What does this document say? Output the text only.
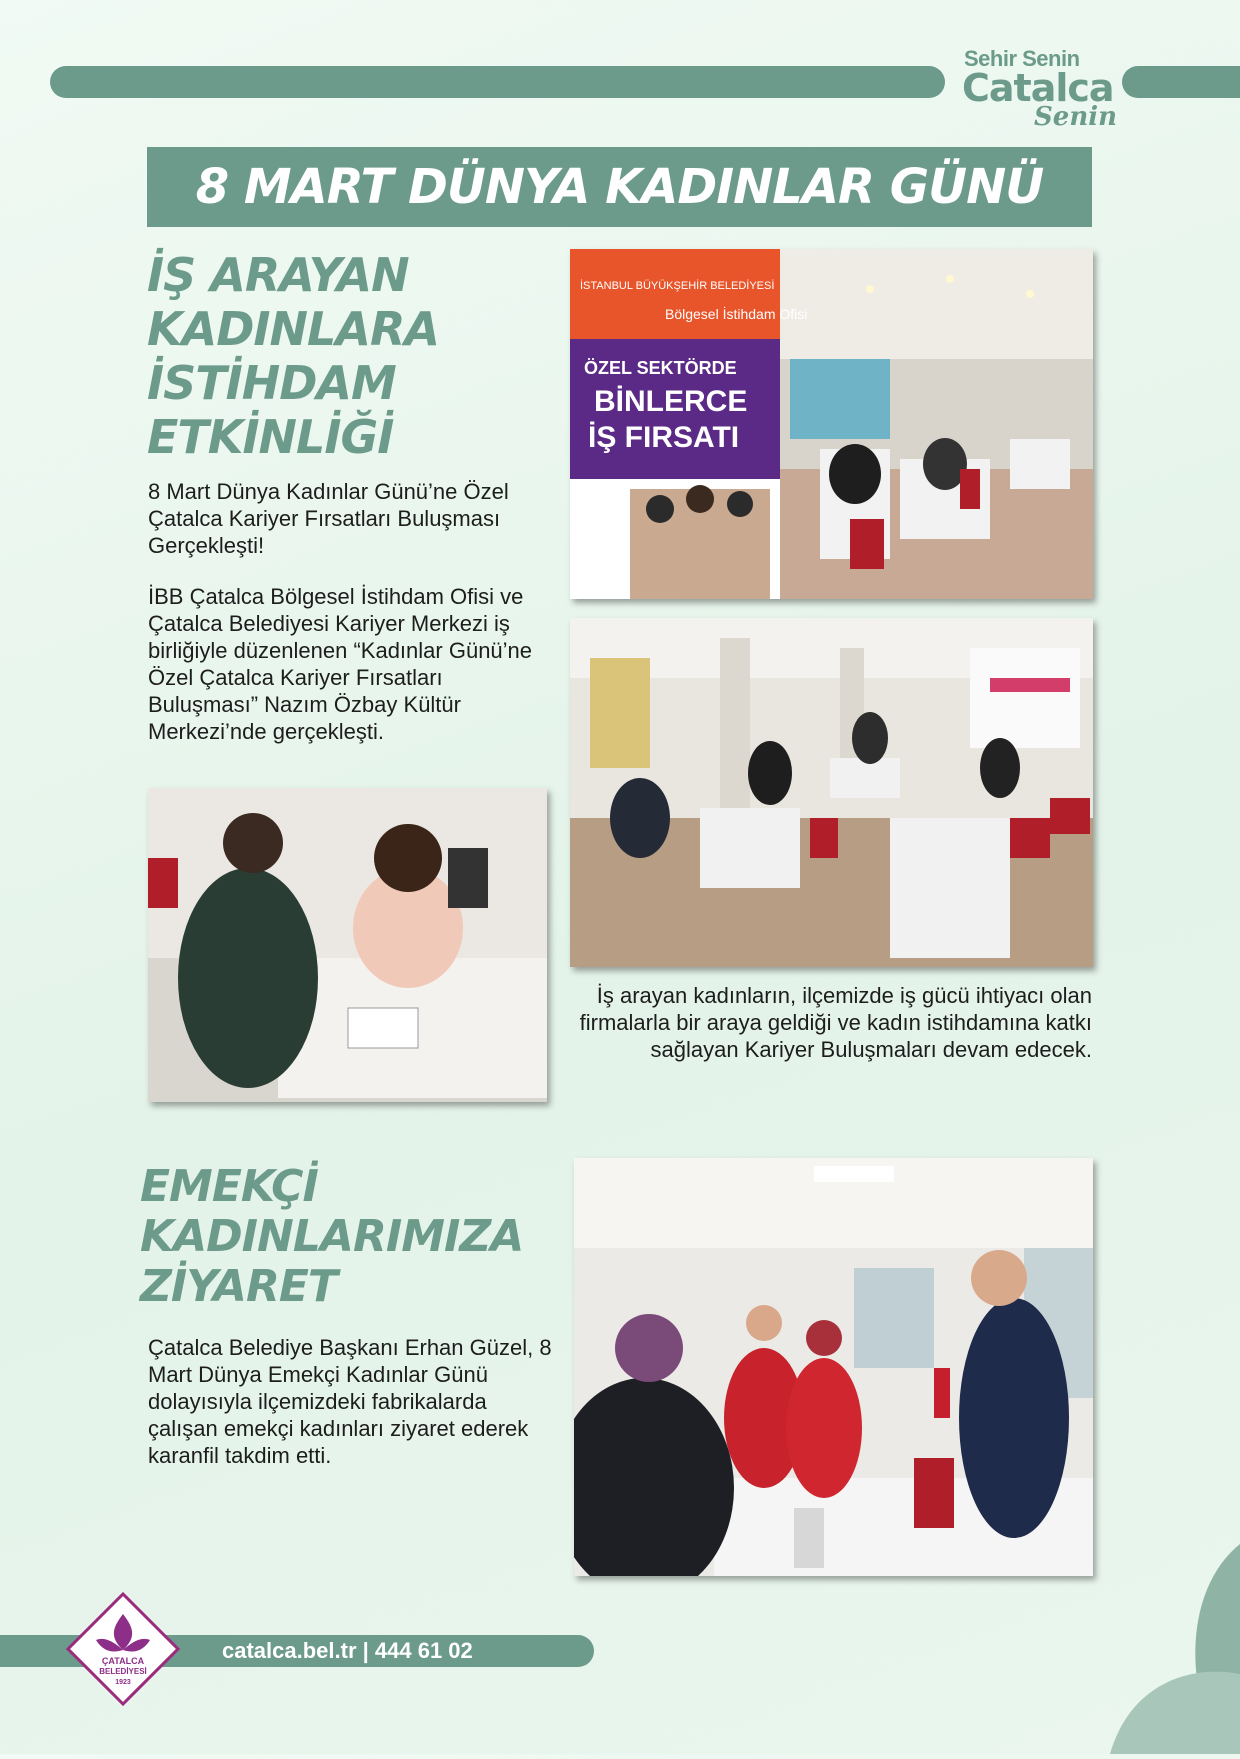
Sehir Senin
Catalca
Senin
8 MART DÜNYA KADINLAR GÜNÜ
İŞ ARAYAN
KADINLARA
İSTİHDAM
ETKİNLİĞİ

8 Mart Dünya Kadınlar Günü’ne Özel Çatalca Kariyer Fırsatları Buluşması Gerçekleşti!

İBB Çatalca Bölgesel İstihdam Ofisi ve Çatalca Belediyesi Kariyer Merkezi iş birliğiyle düzenlenen “Kadınlar Günü’ne Özel Çatalca Kariyer Fırsatları Buluşması” Nazım Özbay Kültür Merkezi’nde gerçekleşti.

İş arayan kadınların, ilçemizde iş gücü ihtiyacı olan firmalarla bir araya geldiği ve kadın istihdamına katkı sağlayan Kariyer Buluşmaları devam edecek.

İSTANBUL BÜYÜKŞEHİR BELEDİYESİ
Bölgesel İstihdam Ofisi
ÖZEL SEKTÖRDE
BİNLERCE
İŞ FIRSATI
EMEKÇİ
KADINLARIMIZA
ZİYARET

Çatalca Belediye Başkanı Erhan Güzel, 8 Mart Dünya Emekçi Kadınlar Günü dolayısıyla ilçemizdeki fabrikalarda çalışan emekçi kadınları ziyaret ederek karanfil takdim etti.

catalca.bel.tr | 444 61 02
ÇATALCA
BELEDİYESİ
1923
